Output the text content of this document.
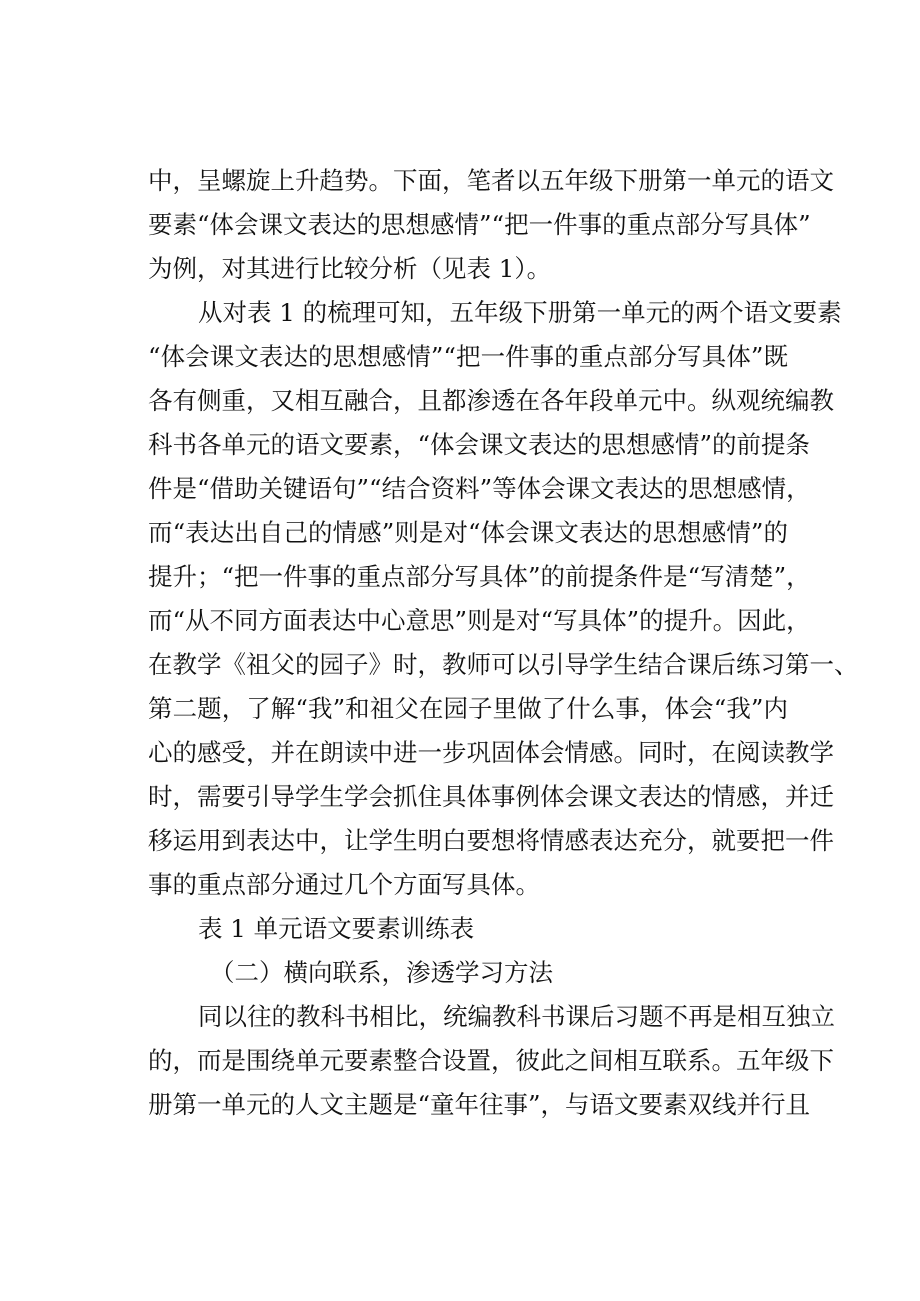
中，呈螺旋上升趋势。下面，笔者以五年级下册第一单元的语文
要素“体会课文表达的思想感情”“把一件事的重点部分写具体”
为例，对其进行比较分析（见表 1）。
从对表 1 的梳理可知，五年级下册第一单元的两个语文要素
“体会课文表达的思想感情”“把一件事的重点部分写具体”既
各有侧重，又相互融合，且都渗透在各年段单元中。纵观统编教
科书各单元的语文要素，“体会课文表达的思想感情”的前提条
件是“借助关键语句”“结合资料”等体会课文表达的思想感情，
而“表达出自己的情感”则是对“体会课文表达的思想感情”的
提升；“把一件事的重点部分写具体”的前提条件是“写清楚”，
而“从不同方面表达中心意思”则是对“写具体”的提升。因此，
在教学《祖父的园子》时，教师可以引导学生结合课后练习第一、
第二题，了解“我”和祖父在园子里做了什么事，体会“我”内
心的感受，并在朗读中进一步巩固体会情感。同时，在阅读教学
时，需要引导学生学会抓住具体事例体会课文表达的情感，并迁
移运用到表达中，让学生明白要想将情感表达充分，就要把一件
事的重点部分通过几个方面写具体。
表 1 单元语文要素训练表
（二）横向联系，渗透学习方法
同以往的教科书相比，统编教科书课后习题不再是相互独立
的，而是围绕单元要素整合设置，彼此之间相互联系。五年级下
册第一单元的人文主题是“童年往事”，与语文要素双线并行且
